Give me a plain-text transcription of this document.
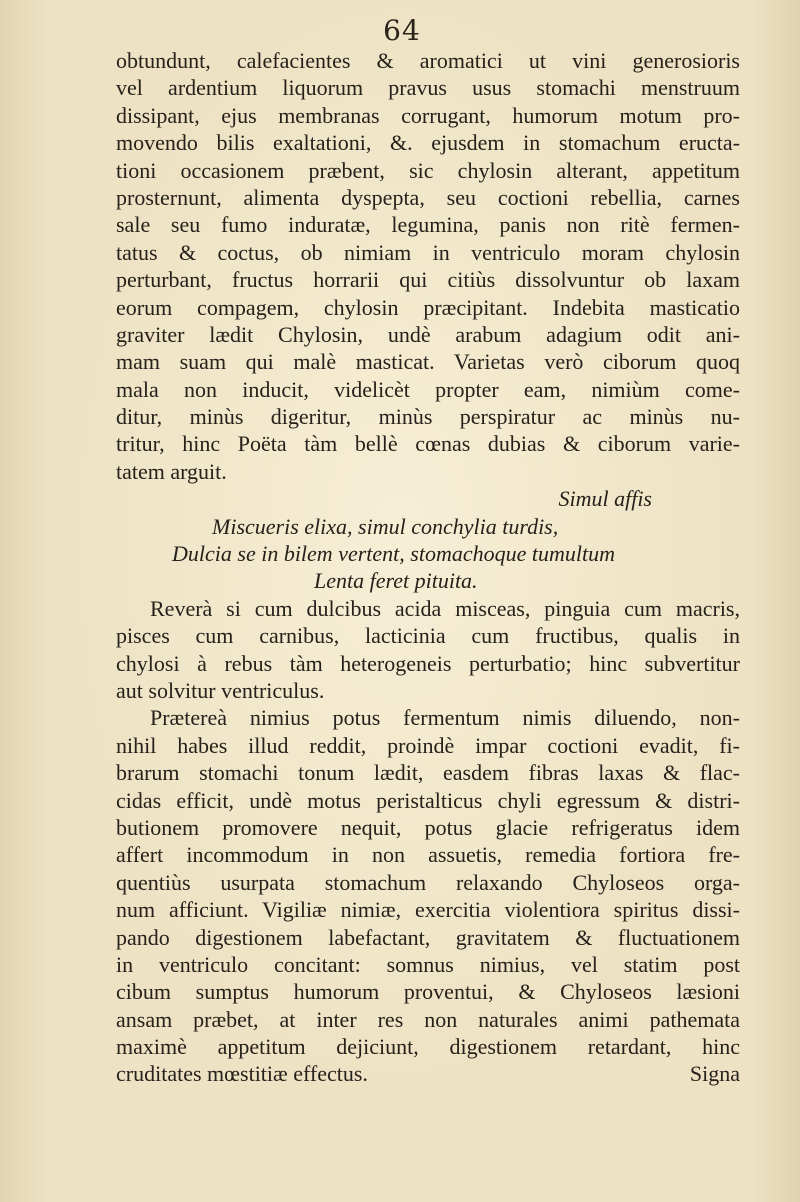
64
obtundunt, calefacientes & aromatici ut vini generosioris
vel ardentium liquorum pravus usus stomachi menstruum
dissipant, ejus membranas corrugant, humorum motum pro-
movendo bilis exaltationi, &. ejusdem in stomachum eructa-
tioni occasionem præbent, sic chylosin alterant, appetitum
prosternunt, alimenta dyspepta, seu coctioni rebellia, carnes
sale seu fumo induratæ, legumina, panis non ritè fermen-
tatus & coctus, ob nimiam in ventriculo moram chylosin
perturbant, fructus horrarii qui citiùs dissolvuntur ob laxam
eorum compagem, chylosin præcipitant. Indebita masticatio
graviter lædit Chylosin, undè arabum adagium odit ani-
mam suam qui malè masticat. Varietas verò ciborum quoq
mala non inducit, videlicèt propter eam, nimiùm come-
ditur, minùs digeritur, minùs perspiratur ac minùs nu-
tritur, hinc Poëta tàm bellè cœnas dubias & ciborum varie-
tatem arguit.
Simul affis
Miscueris elixa, simul conchylia turdis,
Dulcia se in bilem vertent, stomachoque tumultum
Lenta feret pituita.
Reverà si cum dulcibus acida misceas, pinguia cum macris,
pisces cum carnibus, lacticinia cum fructibus, qualis in
chylosi à rebus tàm heterogeneis perturbatio; hinc subvertitur
aut solvitur ventriculus.
Prætereà nimius potus fermentum nimis diluendo, non-
nihil habes illud reddit, proindè impar coctioni evadit, fi-
brarum stomachi tonum lædit, easdem fibras laxas & flac-
cidas efficit, undè motus peristalticus chyli egressum & distri-
butionem promovere nequit, potus glacie refrigeratus idem
affert incommodum in non assuetis, remedia fortiora fre-
quentiùs usurpata stomachum relaxando Chyloseos orga-
num afficiunt. Vigiliæ nimiæ, exercitia violentiora spiritus dissi-
pando digestionem labefactant, gravitatem & fluctuationem
in ventriculo concitant: somnus nimius, vel statim post
cibum sumptus humorum proventui, & Chyloseos læsioni
ansam præbet, at inter res non naturales animi pathemata
maximè appetitum dejiciunt, digestionem retardant, hinc
cruditates mœstitiæ effectus.	Signa
